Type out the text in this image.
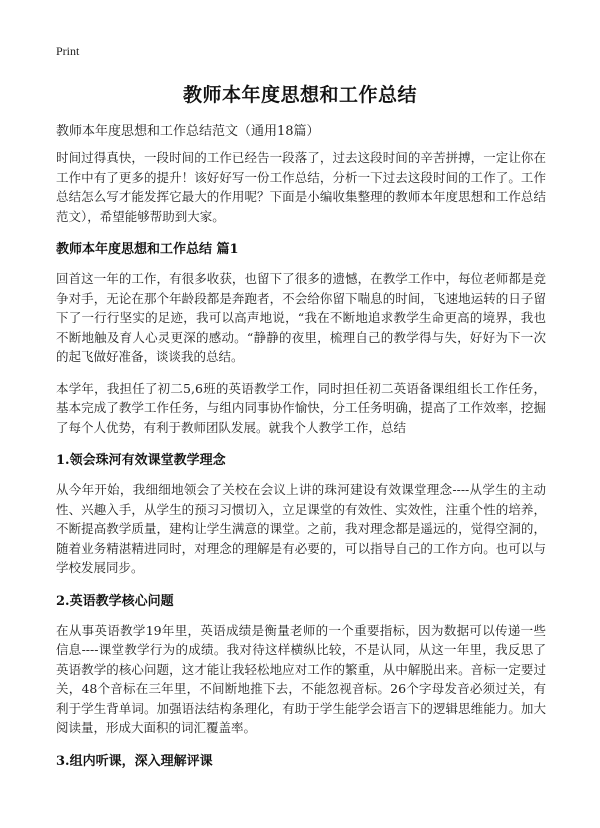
Print
教师本年度思想和工作总结
教师本年度思想和工作总结范文（通用18篇）

时间过得真快，一段时间的工作已经告一段落了，过去这段时间的辛苦拼搏，一定让你在工作中有了更多的提升！该好好写一份工作总结，分析一下过去这段时间的工作了。工作总结怎么写才能发挥它最大的作用呢？下面是小编收集整理的教师本年度思想和工作总结范文），希望能够帮助到大家。

教师本年度思想和工作总结 篇1

回首这一年的工作，有很多收获，也留下了很多的遗憾，在教学工作中，每位老师都是竞争对手，无论在那个年龄段都是奔跑者，不会给你留下喘息的时间，飞速地运转的日子留下了一行行坚实的足迹，我可以高声地说，“我在不断地追求教学生命更高的境界，我也不断地触及育人心灵更深的感动。“静静的夜里，梳理自己的教学得与失，好好为下一次的起飞做好准备，谈谈我的总结。

本学年，我担任了初二5,6班的英语教学工作，同时担任初二英语备课组组长工作任务，基本完成了教学工作任务，与组内同事协作愉快，分工任务明确，提高了工作效率，挖掘了每个人优势，有利于教师团队发展。就我个人教学工作，总结

1.领会珠河有效课堂教学理念

从今年开始，我细细地领会了关校在会议上讲的珠河建设有效课堂理念----从学生的主动性、兴趣入手，从学生的预习习惯切入，立足课堂的有效性、实效性，注重个性的培养，不断提高教学质量，建构让学生满意的课堂。之前，我对理念都是遥远的，觉得空洞的，随着业务精湛精进同时，对理念的理解是有必要的，可以指导自己的工作方向。也可以与学校发展同步。

2.英语教学核心问题

在从事英语教学19年里，英语成绩是衡量老师的一个重要指标，因为数据可以传递一些信息----课堂教学行为的成绩。我对待这样横纵比较，不是认同，从这一年里，我反思了英语教学的核心问题，这才能让我轻松地应对工作的繁重，从中解脱出来。音标一定要过关，48个音标在三年里，不间断地推下去，不能忽视音标。26个字母发音必须过关，有利于学生背单词。加强语法结构条理化，有助于学生能学会语言下的逻辑思维能力。加大阅读量，形成大面积的词汇覆盖率。

3.组内听课，深入理解评课
